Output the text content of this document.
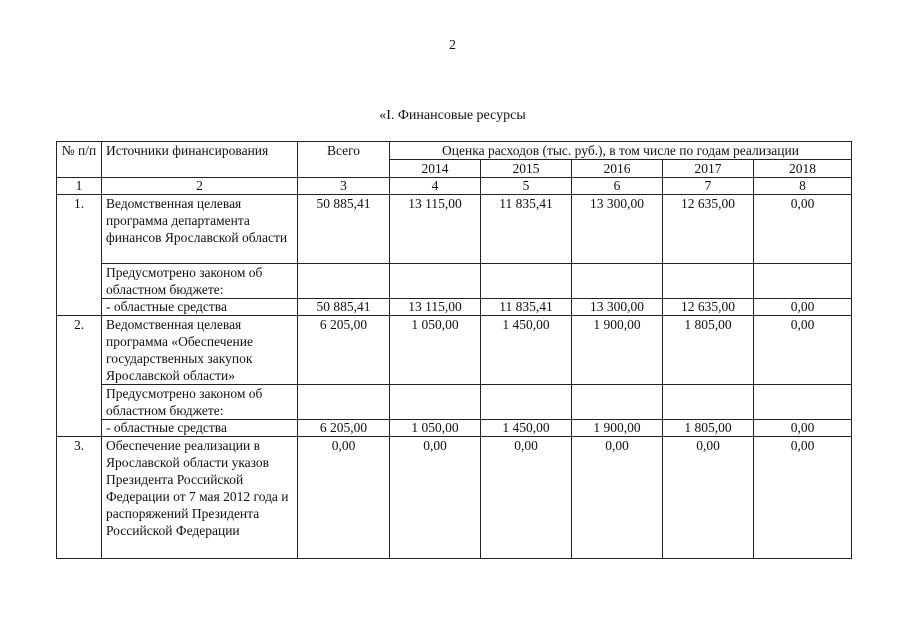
2
«I. Финансовые ресурсы
№ п/п	Источники финансирования	Всего	Оценка расходов (тыс. руб.), в том числе по годам реализации				
			2014	2015	2016	2017	2018
1	2	3	4	5	6	7	8
1.	Ведомственная целевая программа департамента финансов Ярославской области	50 885,41	13 115,00	11 835,41	13 300,00	12 635,00	0,00
	Предусмотрено законом об областном бюджете:						
	- областные средства	50 885,41	13 115,00	11 835,41	13 300,00	12 635,00	0,00
2.	Ведомственная целевая программа «Обеспечение государственных закупок Ярославской области»	6 205,00	1 050,00	1 450,00	1 900,00	1 805,00	0,00
	Предусмотрено законом об областном бюджете:						
	- областные средства	6 205,00	1 050,00	1 450,00	1 900,00	1 805,00	0,00
3.	Обеспечение реализации в Ярославской области указов Президента Российской Федерации от 7 мая 2012 года и распоряжений Президента Российской Федерации	0,00	0,00	0,00	0,00	0,00	0,00
